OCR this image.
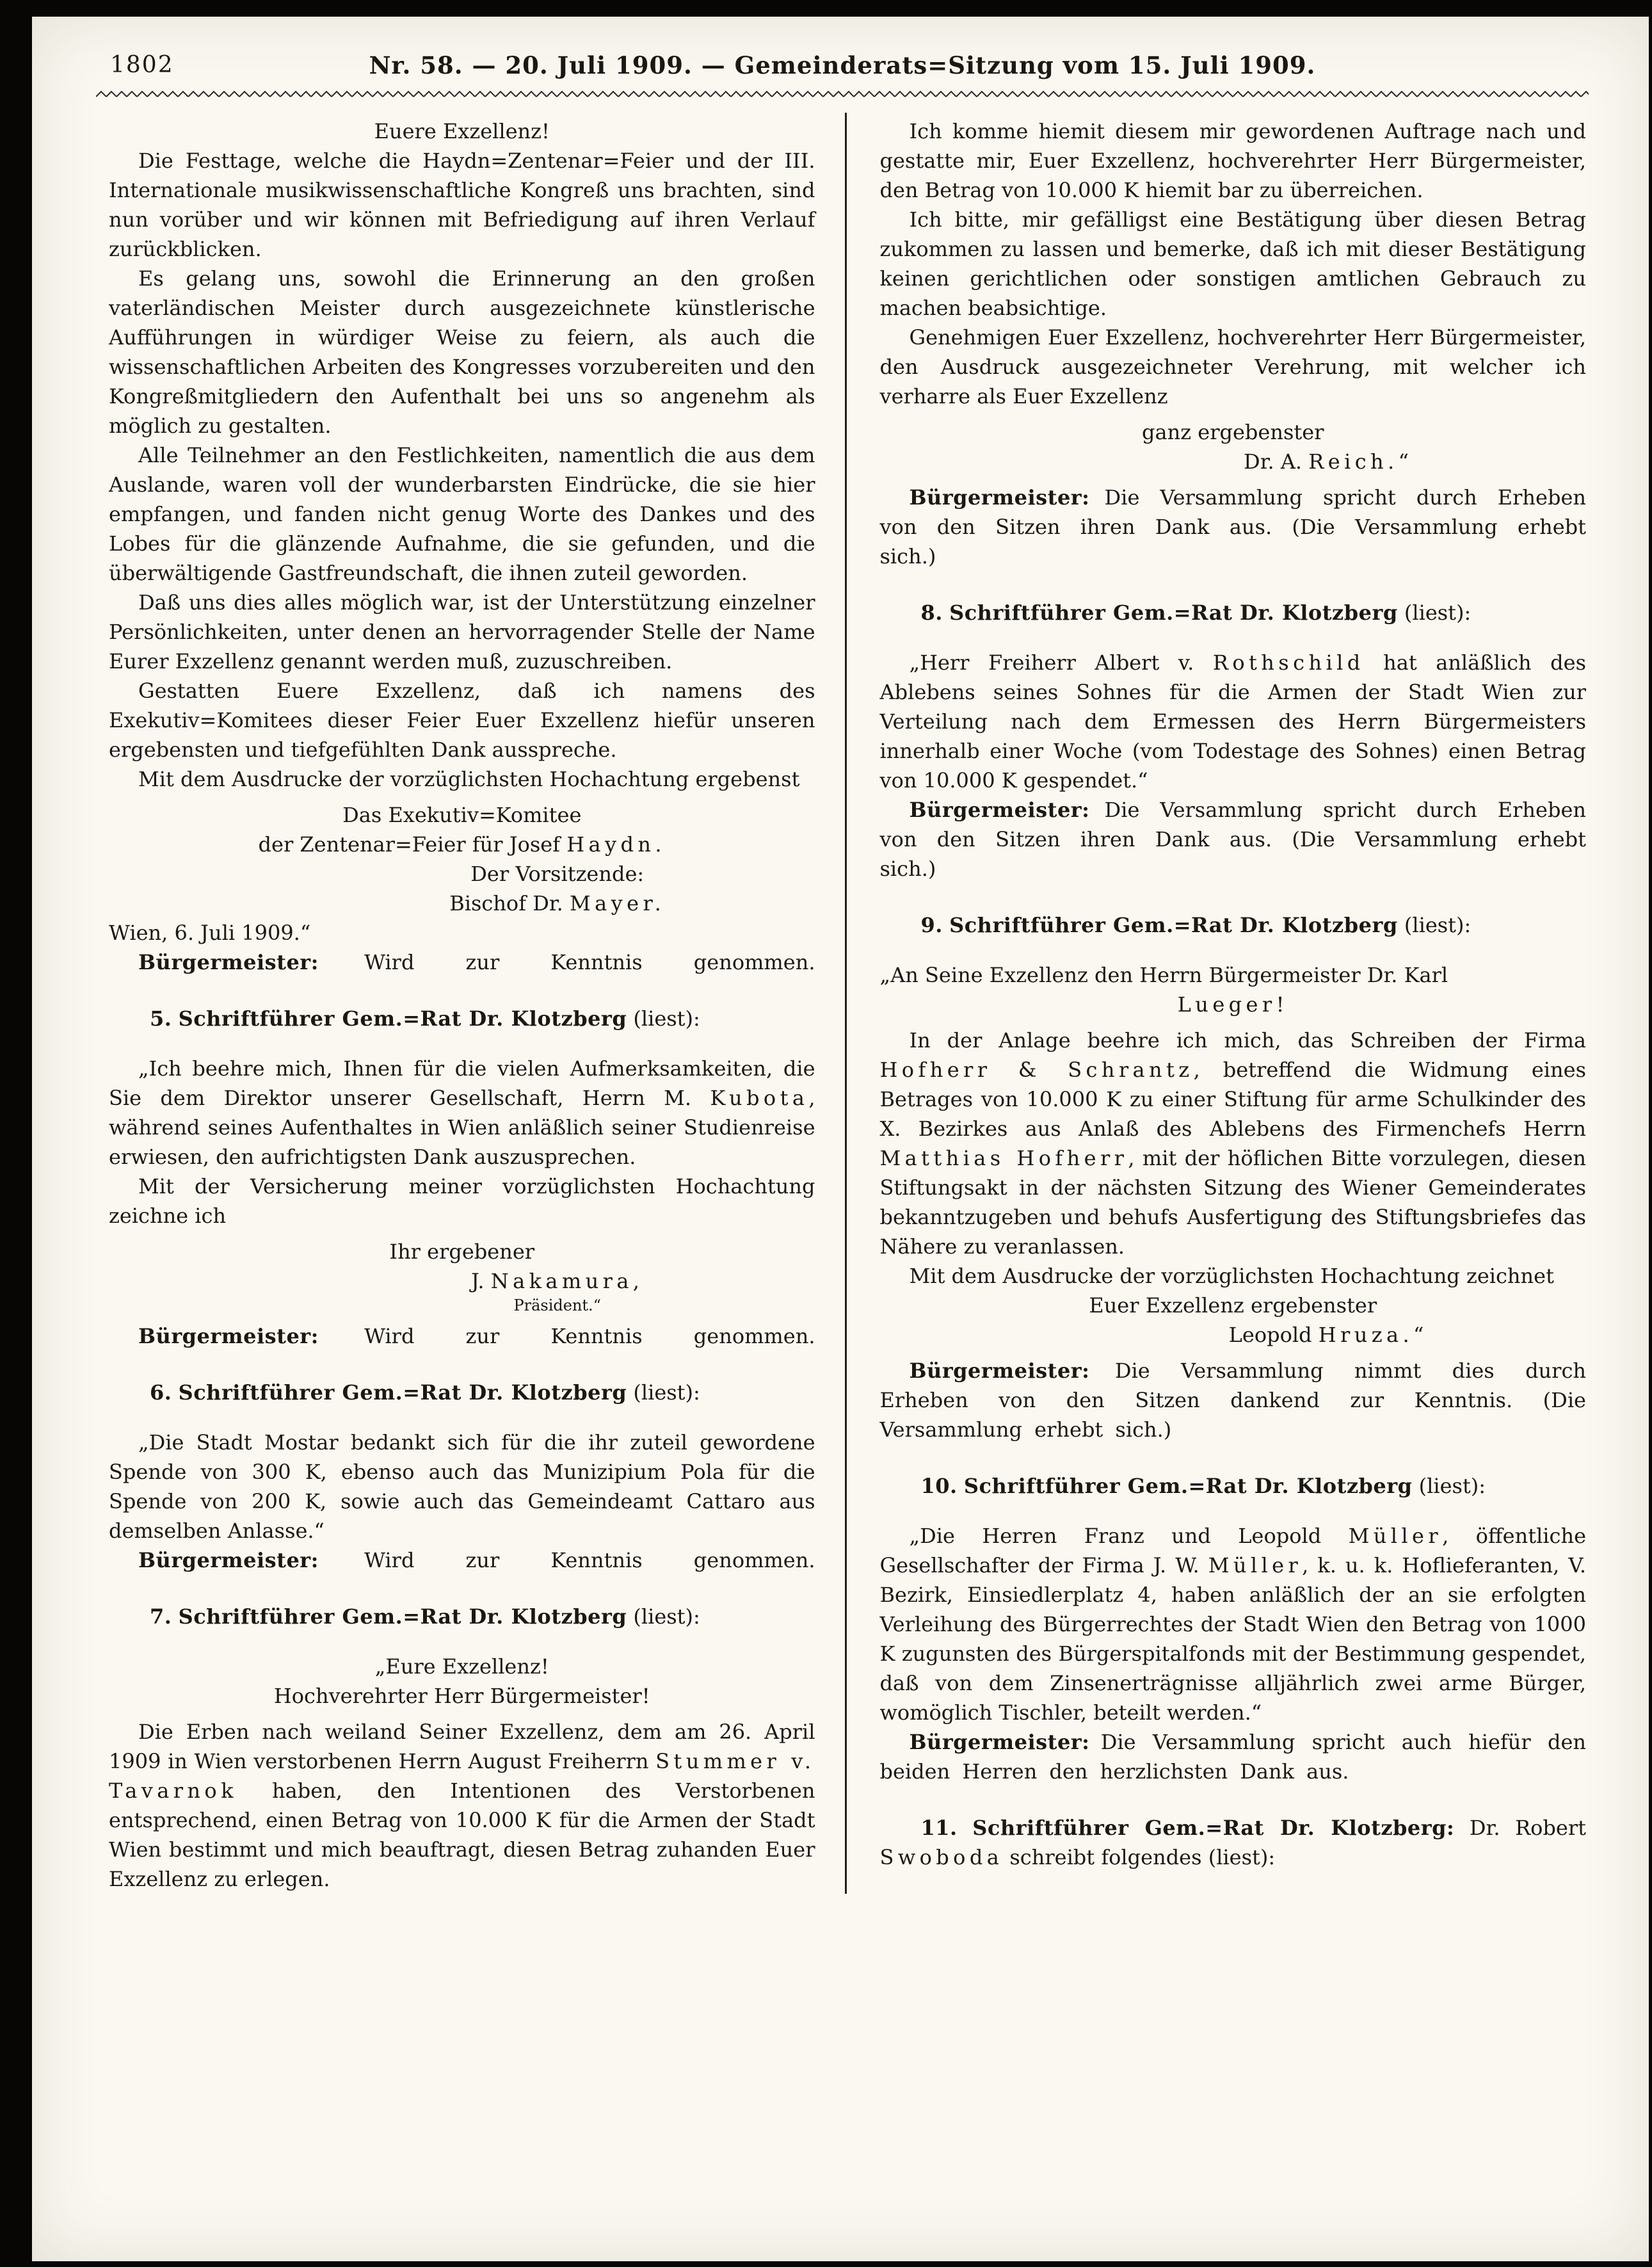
1802	Nr. 58. — 20. Juli 1909. — Gemeinderats=Sitzung vom 15. Juli 1909.

Euere Exzellenz!

Die Festtage, welche die Haydn=Zentenar=Feier und der III. Internationale musikwissenschaftliche Kongreß uns brachten, sind nun vorüber und wir können mit Befriedigung auf ihren Verlauf zurückblicken.

Es gelang uns, sowohl die Erinnerung an den großen vaterländischen Meister durch ausgezeichnete künstlerische Aufführungen in würdiger Weise zu feiern, als auch die wissenschaftlichen Arbeiten des Kongresses vorzubereiten und den Kongreßmitgliedern den Aufenthalt bei uns so angenehm als möglich zu gestalten.

Alle Teilnehmer an den Festlichkeiten, namentlich die aus dem Auslande, waren voll der wunderbarsten Eindrücke, die sie hier empfangen, und fanden nicht genug Worte des Dankes und des Lobes für die glänzende Aufnahme, die sie gefunden, und die überwältigende Gastfreundschaft, die ihnen zuteil geworden.

Daß uns dies alles möglich war, ist der Unterstützung einzelner Persönlichkeiten, unter denen an hervorragender Stelle der Name Eurer Exzellenz genannt werden muß, zuzuschreiben.

Gestatten Euere Exzellenz, daß ich namens des Exekutiv=Komitees dieser Feier Euer Exzellenz hiefür unseren ergebensten und tiefgefühlten Dank ausspreche.

Mit dem Ausdrucke der vorzüglichsten Hochachtung ergebenst

Das Exekutiv=Komitee

der Zentenar=Feier für Josef Haydn.

Der Vorsitzende:

Bischof Dr. Mayer.

Wien, 6. Juli 1909.“

Bürgermeister: Wird zur Kenntnis genommen.

5. Schriftführer Gem.=Rat Dr. Klotzberg (liest):

„Ich beehre mich, Ihnen für die vielen Aufmerksamkeiten, die Sie dem Direktor unserer Gesellschaft, Herrn M. Kubota, während seines Aufenthaltes in Wien anläßlich seiner Studienreise erwiesen, den aufrichtigsten Dank auszusprechen.

Mit der Versicherung meiner vorzüglichsten Hochachtung zeichne ich

Ihr ergebener

J. Nakamura,

Präsident.“

Bürgermeister: Wird zur Kenntnis genommen.

6. Schriftführer Gem.=Rat Dr. Klotzberg (liest):

„Die Stadt Mostar bedankt sich für die ihr zuteil gewordene Spende von 300 K, ebenso auch das Munizipium Pola für die Spende von 200 K, sowie auch das Gemeindeamt Cattaro aus demselben Anlasse.“

Bürgermeister: Wird zur Kenntnis genommen.

7. Schriftführer Gem.=Rat Dr. Klotzberg (liest):

„Eure Exzellenz!

Hochverehrter Herr Bürgermeister!

Die Erben nach weiland Seiner Exzellenz, dem am 26. April 1909 in Wien verstorbenen Herrn August Freiherrn Stummer v. Tavarnok haben, den Intentionen des Verstorbenen entsprechend, einen Betrag von 10.000 K für die Armen der Stadt Wien bestimmt und mich beauftragt, diesen Betrag zuhanden Euer Exzellenz zu erlegen.

Ich komme hiemit diesem mir gewordenen Auftrage nach und gestatte mir, Euer Exzellenz, hochverehrter Herr Bürgermeister, den Betrag von 10.000 K hiemit bar zu überreichen.

Ich bitte, mir gefälligst eine Bestätigung über diesen Betrag zukommen zu lassen und bemerke, daß ich mit dieser Bestätigung keinen gerichtlichen oder sonstigen amtlichen Gebrauch zu machen beabsichtige.

Genehmigen Euer Exzellenz, hochverehrter Herr Bürgermeister, den Ausdruck ausgezeichneter Verehrung, mit welcher ich verharre als Euer Exzellenz

ganz ergebenster

Dr. A. Reich.“

Bürgermeister: Die Versammlung spricht durch Erheben von den Sitzen ihren Dank aus. (Die Versammlung erhebt sich.)

8. Schriftführer Gem.=Rat Dr. Klotzberg (liest):

„Herr Freiherr Albert v. Rothschild hat anläßlich des Ablebens seines Sohnes für die Armen der Stadt Wien zur Verteilung nach dem Ermessen des Herrn Bürgermeisters innerhalb einer Woche (vom Todestage des Sohnes) einen Betrag von 10.000 K gespendet.“

Bürgermeister: Die Versammlung spricht durch Erheben von den Sitzen ihren Dank aus. (Die Versammlung erhebt sich.)

9. Schriftführer Gem.=Rat Dr. Klotzberg (liest):

„An Seine Exzellenz den Herrn Bürgermeister Dr. Karl

Lueger!

In der Anlage beehre ich mich, das Schreiben der Firma Hofherr & Schrantz, betreffend die Widmung eines Betrages von 10.000 K zu einer Stiftung für arme Schulkinder des X. Bezirkes aus Anlaß des Ablebens des Firmenchefs Herrn Matthias Hofherr, mit der höflichen Bitte vorzulegen, diesen Stiftungsakt in der nächsten Sitzung des Wiener Gemeinderates bekanntzugeben und behufs Ausfertigung des Stiftungsbriefes das Nähere zu veranlassen.

Mit dem Ausdrucke der vorzüglichsten Hochachtung zeichnet

Euer Exzellenz ergebenster

Leopold Hruza.“

Bürgermeister: Die Versammlung nimmt dies durch Erheben von den Sitzen dankend zur Kenntnis. (Die Versammlung erhebt sich.)

10. Schriftführer Gem.=Rat Dr. Klotzberg (liest):

„Die Herren Franz und Leopold Müller, öffentliche Gesellschafter der Firma J. W. Müller, k. u. k. Hoflieferanten, V. Bezirk, Einsiedlerplatz 4, haben anläßlich der an sie erfolgten Verleihung des Bürgerrechtes der Stadt Wien den Betrag von 1000 K zugunsten des Bürgerspitalfonds mit der Bestimmung gespendet, daß von dem Zinsenerträgnisse alljährlich zwei arme Bürger, womöglich Tischler, beteilt werden.“

Bürgermeister: Die Versammlung spricht auch hiefür den beiden Herren den herzlichsten Dank aus.

11. Schriftführer Gem.=Rat Dr. Klotzberg: Dr. Robert Swoboda schreibt folgendes (liest):
